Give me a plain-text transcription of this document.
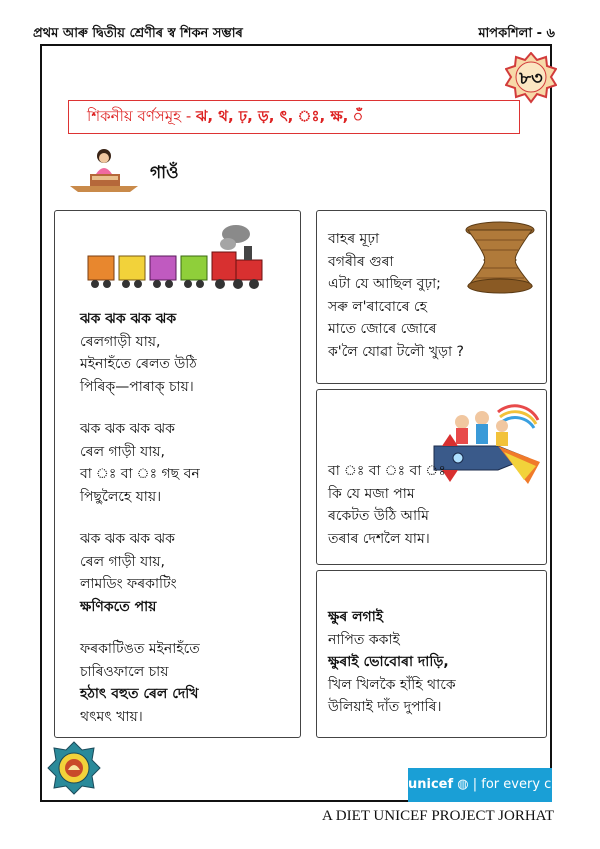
প্ৰথম আৰু দ্বিতীয় শ্ৰেণীৰ স্ব শিকন সম্ভাৰ	মাপকশিলা - ৬
৮৩
শিকনীয় বৰ্ণসমূহ - ঝ, থ, ঢ়, ড়, ৎ, ঃ, ক্ষ, ँ
গাওঁ
ঝক ঝক ঝক ঝক
ৰেলগাড়ী যায়,
মইনাহঁতে ৰেলত উঠি
পিৰিক্‌—পাৰাক্‌ চায়।
ঝক ঝক ঝক ঝক
ৰেল গাড়ী যায়,
বা ঃ বা ঃ গছ বন
পিছুলৈহে যায়।
ঝক ঝক ঝক ঝক
ৰেল গাড়ী যায়,
লামডিং ফৰকাটিং
ক্ষণিকতে পায়
ফৰকাটিঙত মইনাহঁতে
চাৰিওফালে চায়
হঠাৎ বহুত ৰেল দেখি
থৎমৎ খায়।
বাহৰ মূঢ়া
বগৰীৰ গুৰা
এটা যে আছিল বুঢ়া;
সৰু ল'ৰাবোৰে হে
মাতে জোৰে জোৰে
ক'লৈ যোৱা টলৌ খুড়া ?
বা ঃ বা ঃ বা ঃ
কি যে মজা পাম
ৰকেটত উঠি আমি
তৰাৰ দেশলৈ যাম।
ক্ষুৰ লগাই
নাপিত ককাই
ক্ষুৰাই ভোবোৰা দাড়ি,
খিল খিলকৈ হাঁহি থাকে
উলিয়াই দাঁত দুপাৰি।
unicef ◍ | for every child
A DIET UNICEF PROJECT JORHAT
